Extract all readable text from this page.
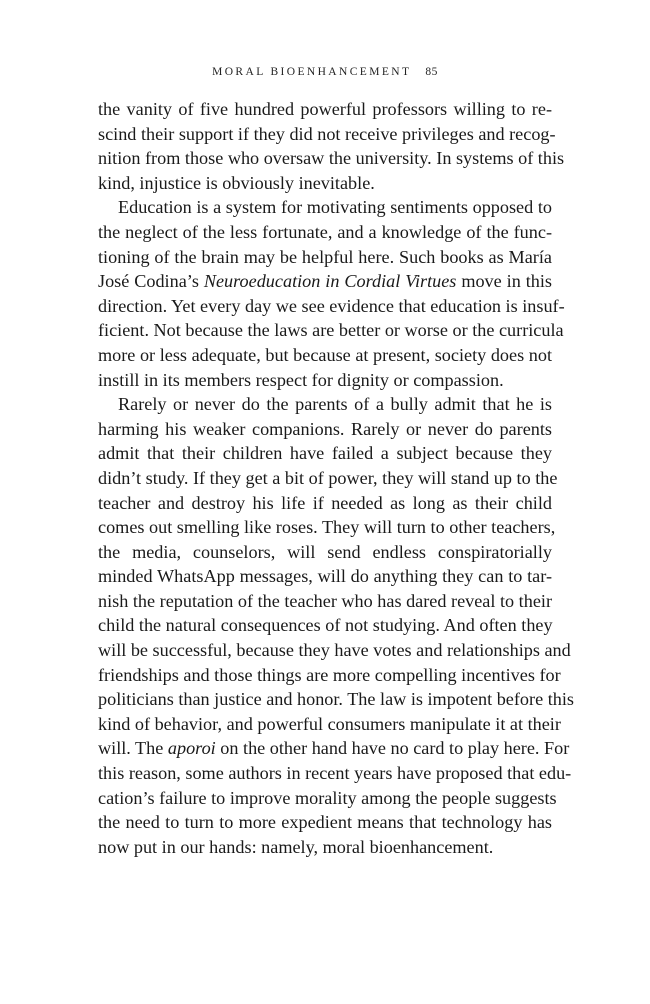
MORAL BIOENHANCEMENT 85
the vanity of five hundred powerful professors willing to re-
scind their support if they did not receive privileges and recog-
nition from those who oversaw the university. In systems of this
kind, injustice is obviously inevitable.
Education is a system for motivating sentiments opposed to
the neglect of the less fortunate, and a knowledge of the func-
tioning of the brain may be helpful here. Such books as María
José Codina’s Neuroeducation in Cordial Virtues move in this
direction. Yet every day we see evidence that education is insuf-
ficient. Not because the laws are better or worse or the curricula
more or less adequate, but because at present, society does not
instill in its members respect for dignity or compassion.
Rarely or never do the parents of a bully admit that he is
harming his weaker companions. Rarely or never do parents
admit that their children have failed a subject because they
didn’t study. If they get a bit of power, they will stand up to the
teacher and destroy his life if needed as long as their child
comes out smelling like roses. They will turn to other teachers,
the media, counselors, will send endless conspiratorially
minded WhatsApp messages, will do anything they can to tar-
nish the reputation of the teacher who has dared reveal to their
child the natural consequences of not studying. And often they
will be successful, because they have votes and relationships and
friendships and those things are more compelling incentives for
politicians than justice and honor. The law is impotent before this
kind of behavior, and powerful consumers manipulate it at their
will. The aporoi on the other hand have no card to play here. For
this reason, some authors in recent years have proposed that edu-
cation’s failure to improve morality among the people suggests
the need to turn to more expedient means that technology has
now put in our hands: namely, moral bioenhancement.
